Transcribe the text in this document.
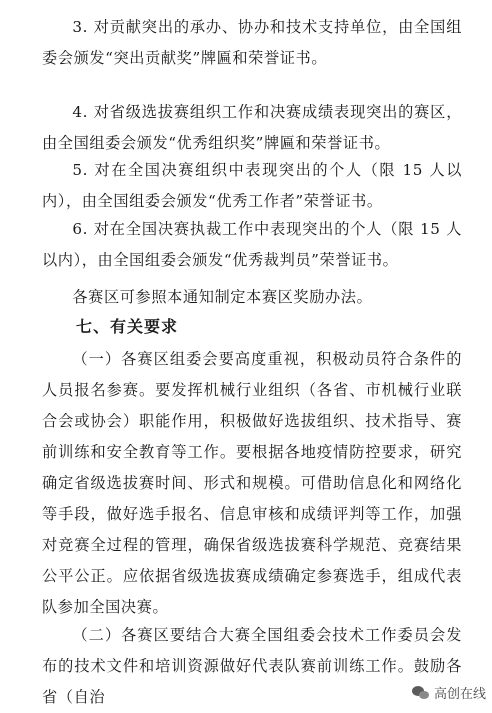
3. 对贡献突出的承办、协办和技术支持单位，由全国组委会颁发“突出贡献奖”牌匾和荣誉证书。

4. 对省级选拔赛组织工作和决赛成绩表现突出的赛区，由全国组委会颁发“优秀组织奖”牌匾和荣誉证书。

5. 对在全国决赛组织中表现突出的个人（限 15 人以内），由全国组委会颁发“优秀工作者”荣誉证书。

6. 对在全国决赛执裁工作中表现突出的个人（限 15 人以内），由全国组委会颁发“优秀裁判员”荣誉证书。

各赛区可参照本通知制定本赛区奖励办法。

七、有关要求

（一）各赛区组委会要高度重视，积极动员符合条件的人员报名参赛。要发挥机械行业组织（各省、市机械行业联合会或协会）职能作用，积极做好选拔组织、技术指导、赛前训练和安全教育等工作。要根据各地疫情防控要求，研究确定省级选拔赛时间、形式和规模。可借助信息化和网络化等手段，做好选手报名、信息审核和成绩评判等工作，加强对竞赛全过程的管理，确保省级选拔赛科学规范、竞赛结果公平公正。应依据省级选拔赛成绩确定参赛选手，组成代表队参加全国决赛。

（二）各赛区要结合大赛全国组委会技术工作委员会发布的技术文件和培训资源做好代表队赛前训练工作。鼓励各省（自治	高创在线
